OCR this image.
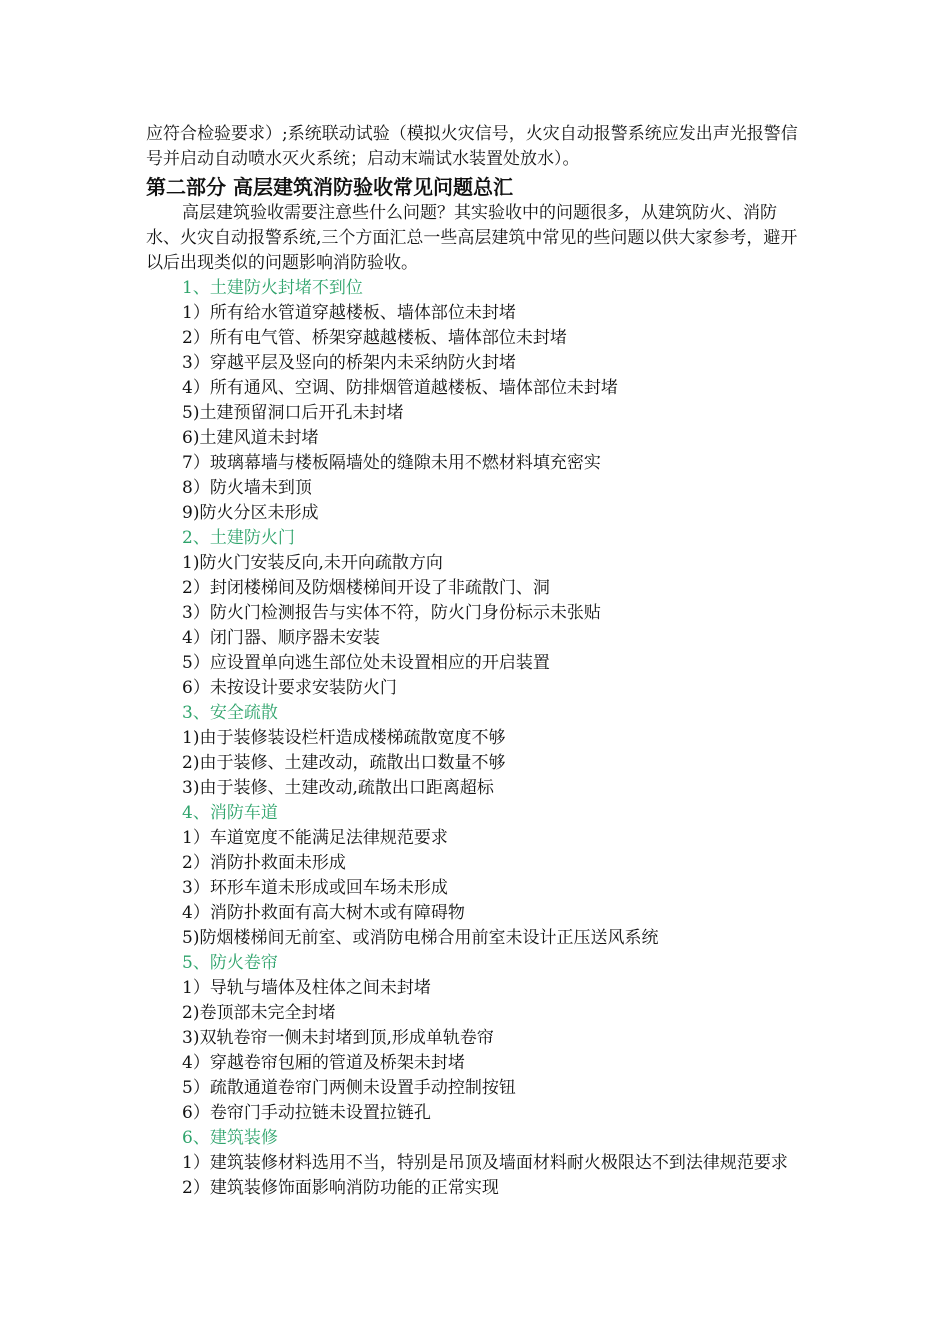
应符合检验要求）;系统联动试验（模拟火灾信号，火灾自动报警系统应发出声光报警信号并启动自动喷水灭火系统；启动末端试水装置处放水）。

第二部分 高层建筑消防验收常见问题总汇

高层建筑验收需要注意些什么问题？其实验收中的问题很多，从建筑防火、消防水、火灾自动报警系统,三个方面汇总一些高层建筑中常见的些问题以供大家参考，避开以后出现类似的问题影响消防验收。

1、土建防火封堵不到位
1）所有给水管道穿越楼板、墙体部位未封堵
2）所有电气管、桥架穿越越楼板、墙体部位未封堵
3）穿越平层及竖向的桥架内未采纳防火封堵
4）所有通风、空调、防排烟管道越楼板、墙体部位未封堵
5)土建预留洞口后开孔未封堵
6)土建风道未封堵
7）玻璃幕墙与楼板隔墙处的缝隙未用不燃材料填充密实
8）防火墙未到顶
9)防火分区未形成
2、土建防火门
1)防火门安装反向,未开向疏散方向
2）封闭楼梯间及防烟楼梯间开设了非疏散门、洞
3）防火门检测报告与实体不符，防火门身份标示未张贴
4）闭门器、顺序器未安装
5）应设置单向逃生部位处未设置相应的开启装置
6）未按设计要求安装防火门
3、安全疏散
1)由于装修装设栏杆造成楼梯疏散宽度不够
2)由于装修、土建改动，疏散出口数量不够
3)由于装修、土建改动,疏散出口距离超标
4、消防车道
1）车道宽度不能满足法律规范要求
2）消防扑救面未形成
3）环形车道未形成或回车场未形成
4）消防扑救面有高大树木或有障碍物
5)防烟楼梯间无前室、或消防电梯合用前室未设计正压送风系统
5、防火卷帘
1）导轨与墙体及柱体之间未封堵
2)卷顶部未完全封堵
3)双轨卷帘一侧未封堵到顶,形成单轨卷帘
4）穿越卷帘包厢的管道及桥架未封堵
5）疏散通道卷帘门两侧未设置手动控制按钮
6）卷帘门手动拉链未设置拉链孔
6、建筑装修
1）建筑装修材料选用不当，特别是吊顶及墙面材料耐火极限达不到法律规范要求
2）建筑装修饰面影响消防功能的正常实现
